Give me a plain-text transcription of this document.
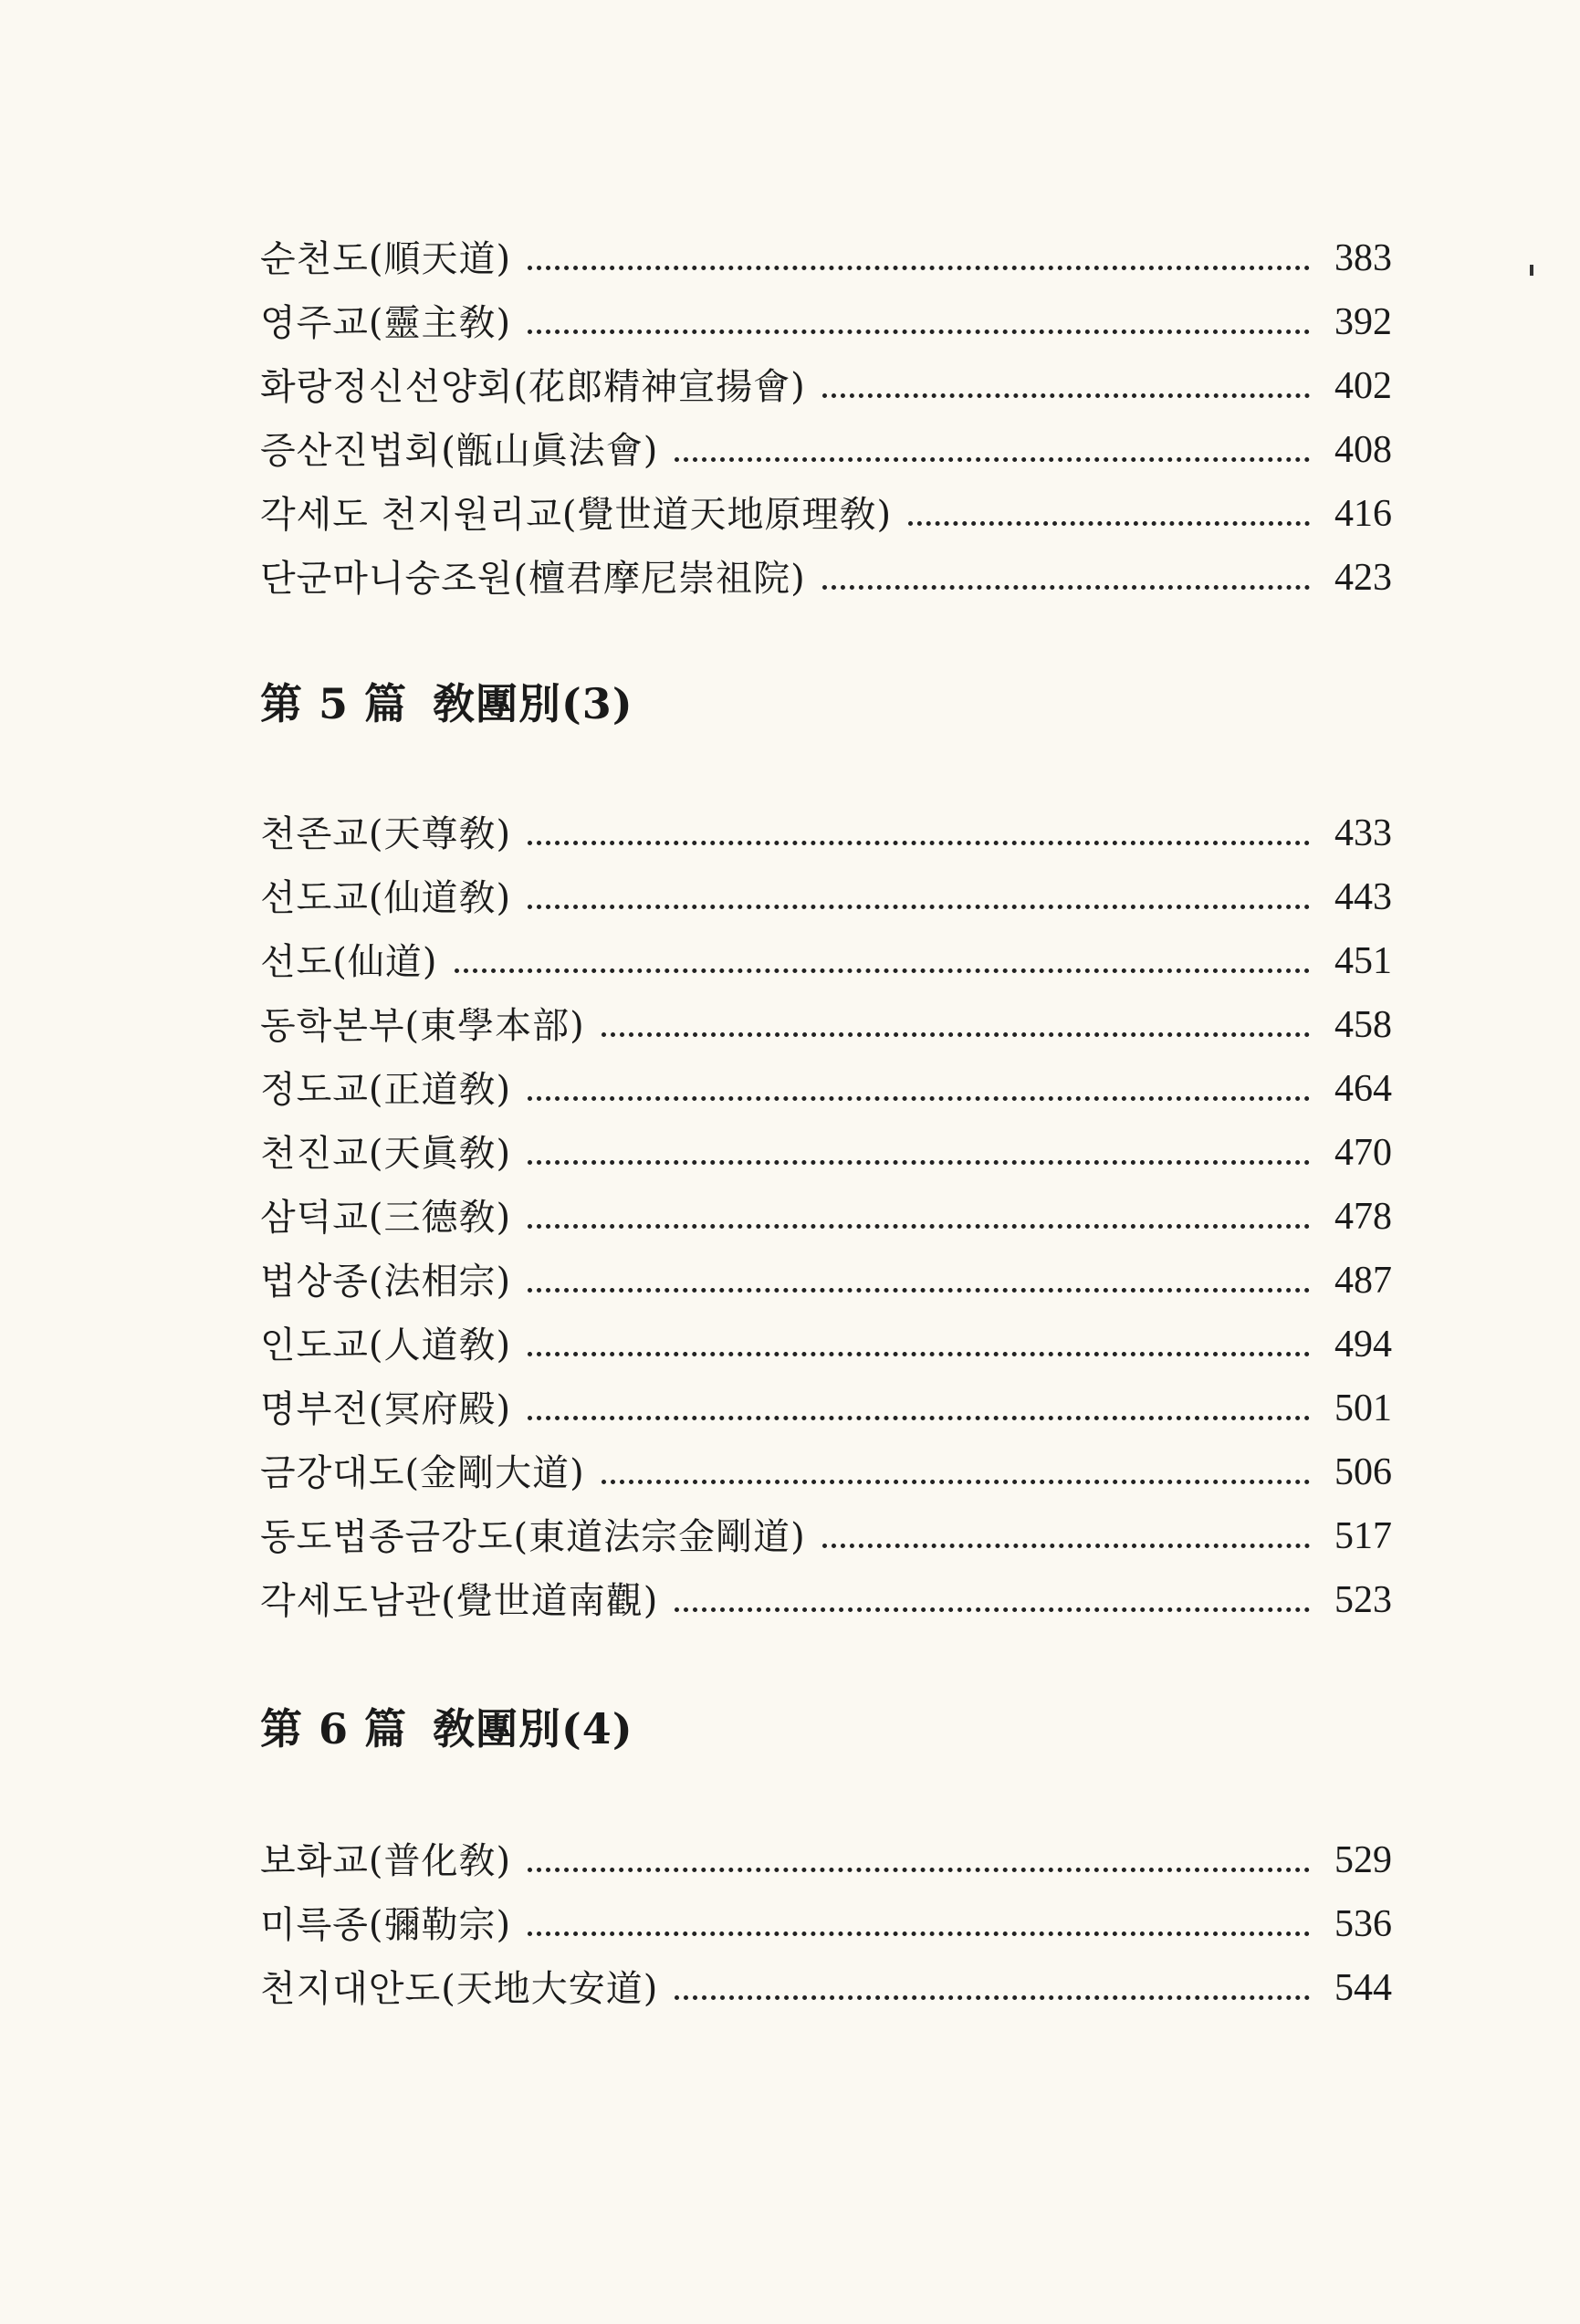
순천도(順天道)	383
영주교(靈主敎)	392
화랑정신선양회(花郎精神宣揚會)	402
증산진법회(甑山眞法會)	408
각세도 천지원리교(覺世道天地原理敎)	416
단군마니숭조원(檀君摩尼崇祖院)	423
第 5 篇 敎團別(3)
천존교(天尊敎)	433
선도교(仙道敎)	443
선도(仙道)	451
동학본부(東學本部)	458
정도교(正道敎)	464
천진교(天眞敎)	470
삼덕교(三德敎)	478
법상종(法相宗)	487
인도교(人道敎)	494
명부전(冥府殿)	501
금강대도(金剛大道)	506
동도법종금강도(東道法宗金剛道)	517
각세도남관(覺世道南觀)	523
第 6 篇 敎團別(4)
보화교(普化敎)	529
미륵종(彌勒宗)	536
천지대안도(天地大安道)	544
